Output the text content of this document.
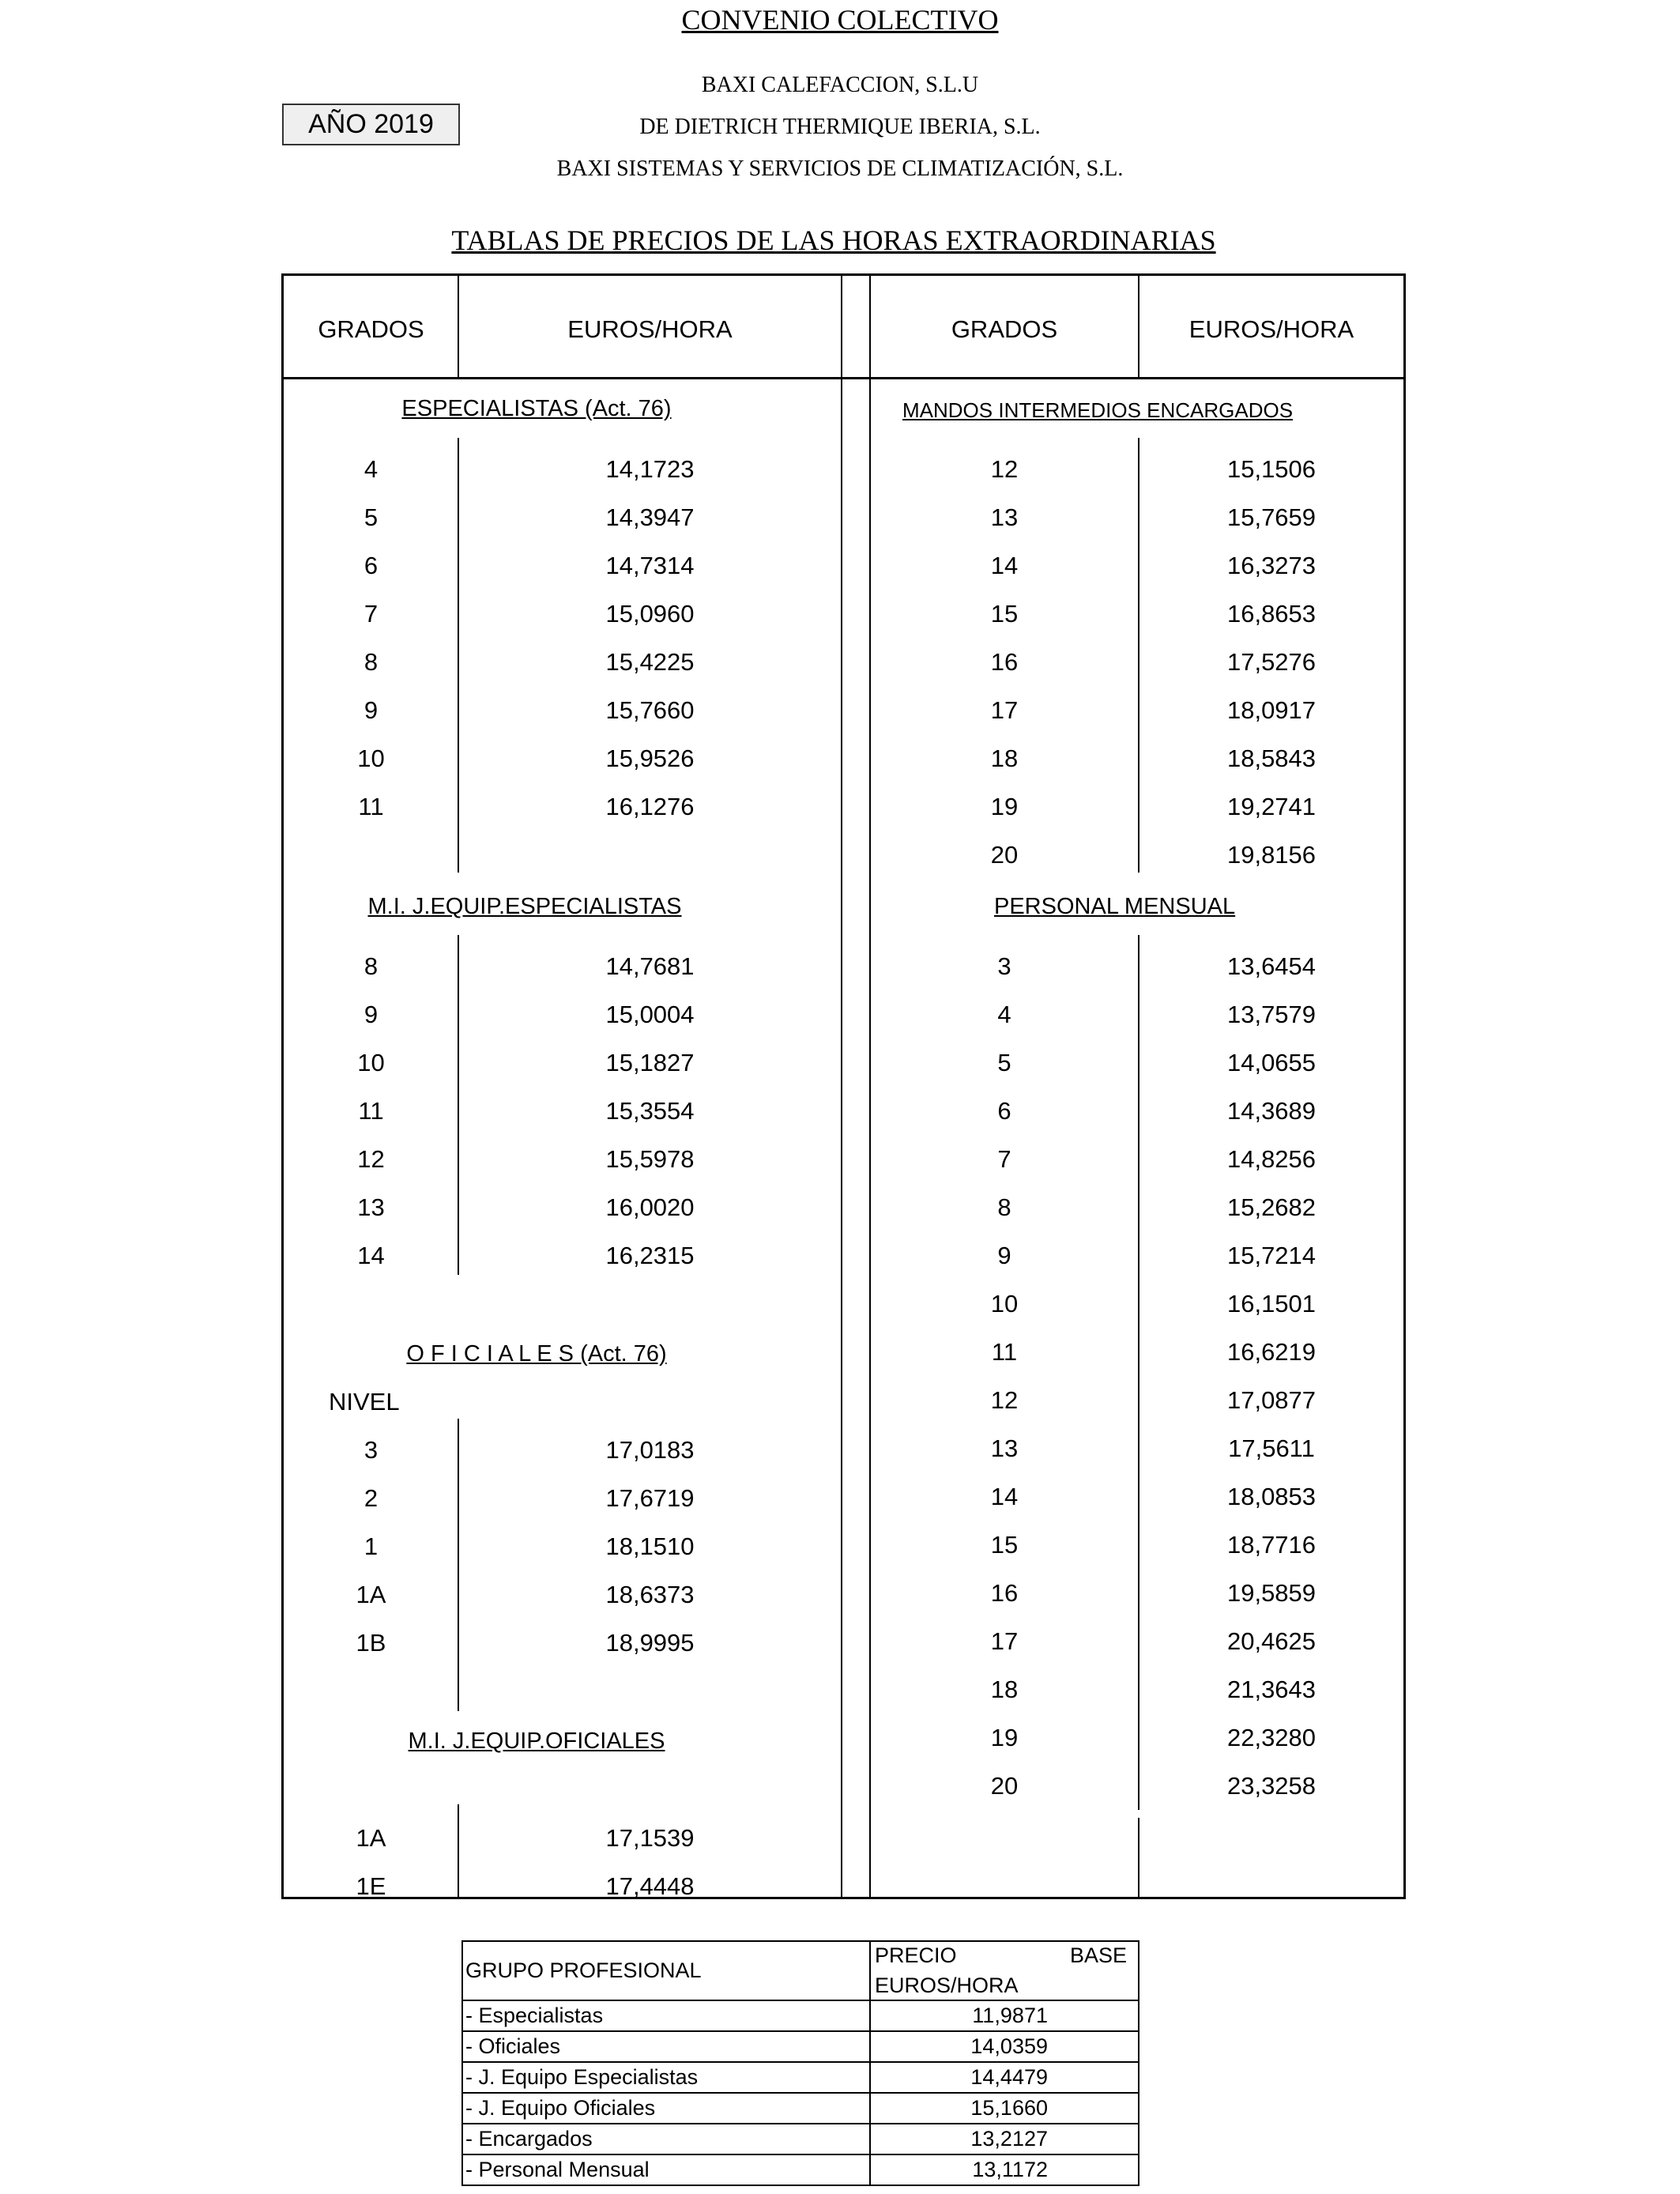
CONVENIO COLECTIVO
BAXI CALEFACCION, S.L.U
AÑO 2019	DE DIETRICH THERMIQUE IBERIA, S.L.
BAXI SISTEMAS Y SERVICIOS DE CLIMATIZACIÓN, S.L.
TABLAS DE PRECIOS DE LAS HORAS EXTRAORDINARIAS
GRADOS	EUROS/HORA	GRADOS	EUROS/HORA
ESPECIALISTAS (Act. 76)
4	14,1723
5	14,3947
6	14,7314
7	15,0960
8	15,4225
9	15,7660
10	15,9526
11	16,1276
M.I. J.EQUIP.ESPECIALISTAS
8	14,7681
9	15,0004
10	15,1827
11	15,3554
12	15,5978
13	16,0020
14	16,2315
O F I C I A L E S (Act. 76)
NIVEL
3	17,0183
2	17,6719
1	18,1510
1A	18,6373
1B	18,9995
M.I. J.EQUIP.OFICIALES
1A	17,1539
1E	17,4448
MANDOS INTERMEDIOS ENCARGADOS
12	15,1506
13	15,7659
14	16,3273
15	16,8653
16	17,5276
17	18,0917
18	18,5843
19	19,2741
20	19,8156
PERSONAL MENSUAL
3	13,6454
4	13,7579
5	14,0655
6	14,3689
7	14,8256
8	15,2682
9	15,7214
10	16,1501
11	16,6219
12	17,0877
13	17,5611
14	18,0853
15	18,7716
16	19,5859
17	20,4625
18	21,3643
19	22,3280
20	23,3258
GRUPO PROFESIONAL
PRECIO	BASE
EUROS/HORA
- Especialistas	11,9871
- Oficiales	14,0359
- J. Equipo Especialistas	14,4479
- J. Equipo Oficiales	15,1660
- Encargados	13,2127
- Personal Mensual	13,1172
